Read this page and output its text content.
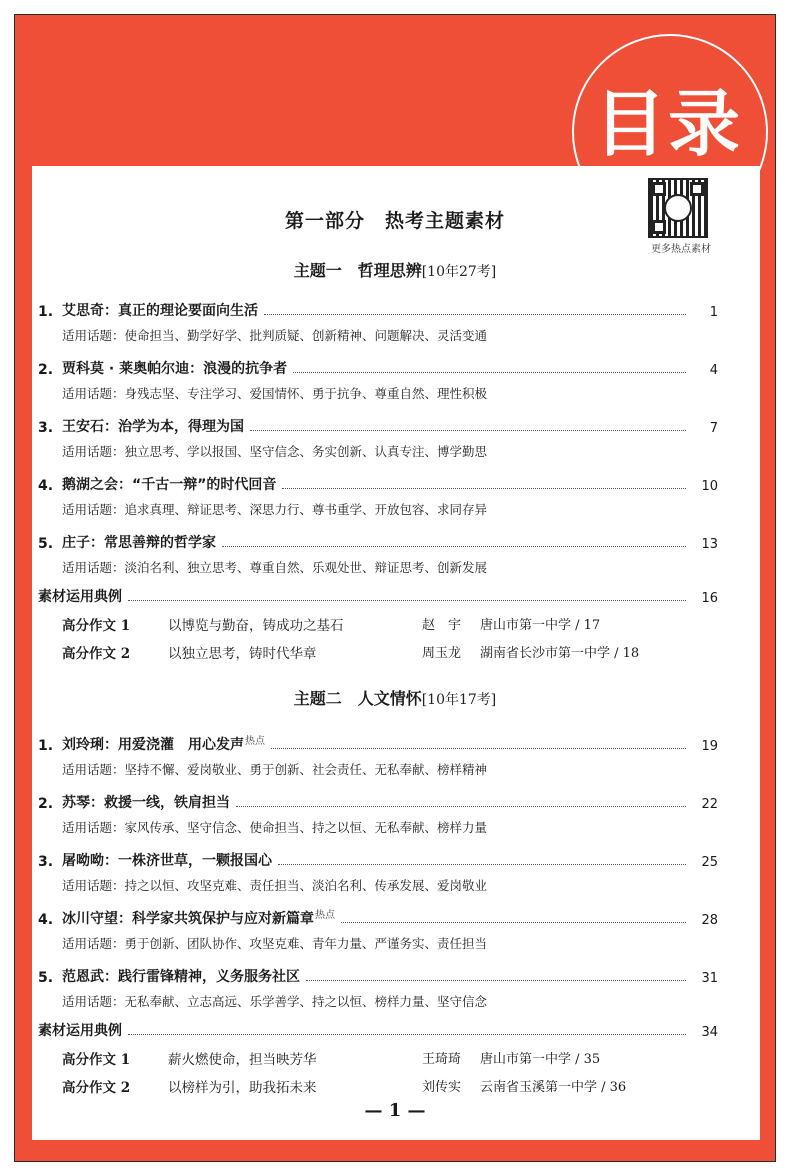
目录
更多热点素材
第一部分　热考主题素材
主题一　哲理思辨[10年27考]
主题二　人文情怀[10年17考]
— 1 —
1. 艾思奇：真正的理论要面向生活	1
适用话题：使命担当、勤学好学、批判质疑、创新精神、问题解决、灵活变通
2. 贾科莫 · 莱奥帕尔迪：浪漫的抗争者	4
适用话题：身残志坚、专注学习、爱国情怀、勇于抗争、尊重自然、理性积极
3. 王安石：治学为本，得理为国	7
适用话题：独立思考、学以报国、坚守信念、务实创新、认真专注、博学勤思
4. 鹅湖之会：“千古一辩”的时代回音	10
适用话题：追求真理、辩证思考、深思力行、尊书重学、开放包容、求同存异
5. 庄子：常思善辩的哲学家	13
适用话题：淡泊名利、独立思考、尊重自然、乐观处世、辩证思考、创新发展
素材运用典例	16
高分作文 1	以博览与勤奋，铸成功之基石	赵　宇 唐山市第一中学 / 17
高分作文 2	以独立思考，铸时代华章	周玉龙 湖南省长沙市第一中学 / 18
1. 刘玲琍：用爱浇灌　用心发声 热点	19
适用话题：坚持不懈、爱岗敬业、勇于创新、社会责任、无私奉献、榜样精神
2. 苏琴：救援一线，铁肩担当	22
适用话题：家风传承、坚守信念、使命担当、持之以恒、无私奉献、榜样力量
3. 屠呦呦：一株济世草，一颗报国心	25
适用话题：持之以恒、攻坚克难、责任担当、淡泊名利、传承发展、爱岗敬业
4. 冰川守望：科学家共筑保护与应对新篇章 热点	28
适用话题：勇于创新、团队协作、攻坚克难、青年力量、严谨务实、责任担当
5. 范恩武：践行雷锋精神，义务服务社区	31
适用话题：无私奉献、立志高远、乐学善学、持之以恒、榜样力量、坚守信念
素材运用典例	34
高分作文 1	薪火燃使命，担当映芳华	王琦琦 唐山市第一中学 / 35
高分作文 2	以榜样为引，助我拓未来	刘传实 云南省玉溪第一中学 / 36
